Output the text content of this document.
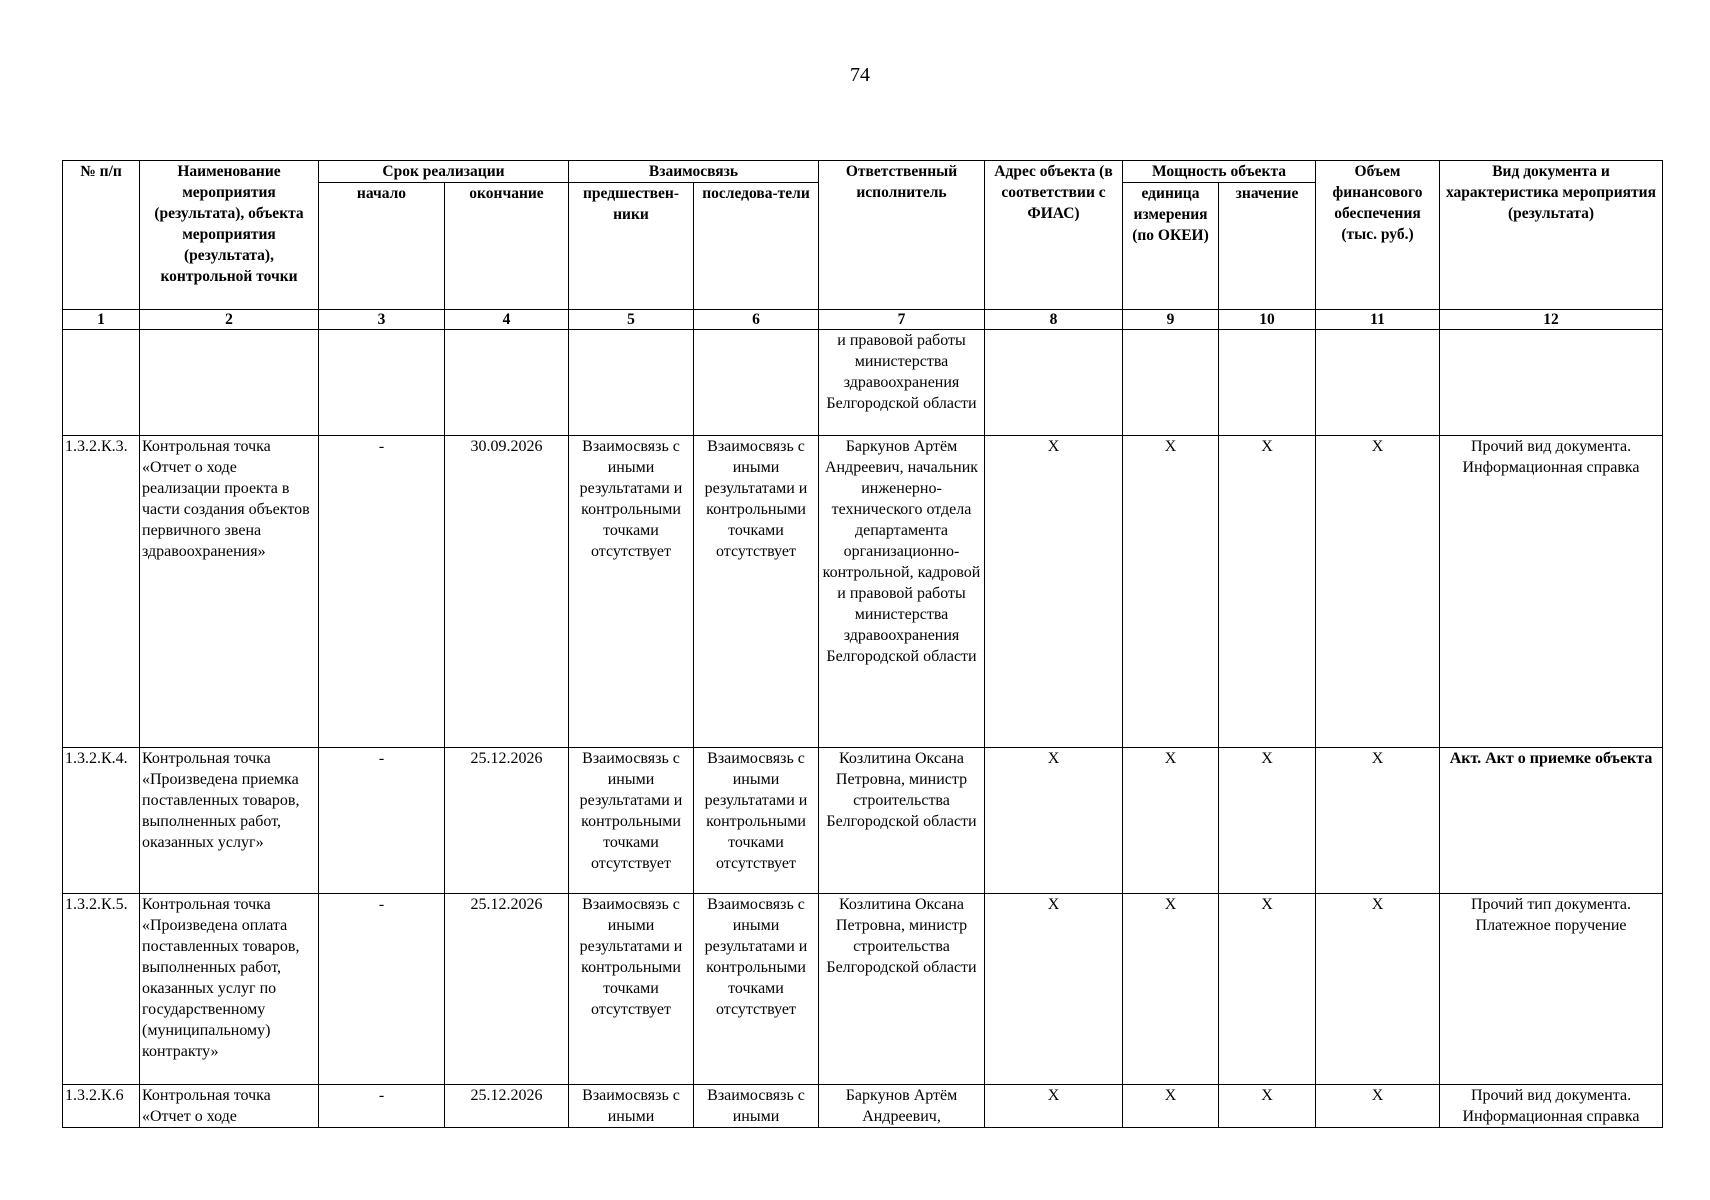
74
№ п/п	Наименование мероприятия (результата), объекта мероприятия (результата), контрольной точки	Срок реализации		Взаимосвязь		Ответственный исполнитель	Адрес объекта (в соответствии с ФИАС)	Мощность объекта		Объем финансового обеспечения (тыс. руб.)	Вид документа и характеристика мероприятия (результата)
		начало	окончание	предшествен-ники	последова-тели			единица измерения (по ОКЕИ)	значение		
1	2	3	4	5	6	7	8	9	10	11	12
						и правовой работы министерства здравоохранения Белгородской области					
1.3.2.К.3.	Контрольная точка «Отчет о ходе реализации проекта в части создания объектов первичного звена здравоохранения»	-	30.09.2026	Взаимосвязь с иными результатами и контрольными точками отсутствует	Взаимосвязь с иными результатами и контрольными точками отсутствует	Баркунов Артём Андреевич, начальник инженерно-технического отдела департамента организационно-контрольной, кадровой и правовой работы министерства здравоохранения Белгородской области	X	X	X	X	Прочий вид документа. Информационная справка
1.3.2.К.4.	Контрольная точка «Произведена приемка поставленных товаров, выполненных работ, оказанных услуг»	-	25.12.2026	Взаимосвязь с иными результатами и контрольными точками отсутствует	Взаимосвязь с иными результатами и контрольными точками отсутствует	Козлитина Оксана Петровна, министр строительства Белгородской области	X	X	X	X	Акт. Акт о приемке объекта
1.3.2.К.5.	Контрольная точка «Произведена оплата поставленных товаров, выполненных работ, оказанных услуг по государственному (муниципальному) контракту»	-	25.12.2026	Взаимосвязь с иными результатами и контрольными точками отсутствует	Взаимосвязь с иными результатами и контрольными точками отсутствует	Козлитина Оксана Петровна, министр строительства Белгородской области	X	X	X	X	Прочий тип документа. Платежное поручение
1.3.2.К.6	Контрольная точка «Отчет о ходе	-	25.12.2026	Взаимосвязь с иными	Взаимосвязь с иными	Баркунов Артём Андреевич,	X	X	X	X	Прочий вид документа. Информационная справка
